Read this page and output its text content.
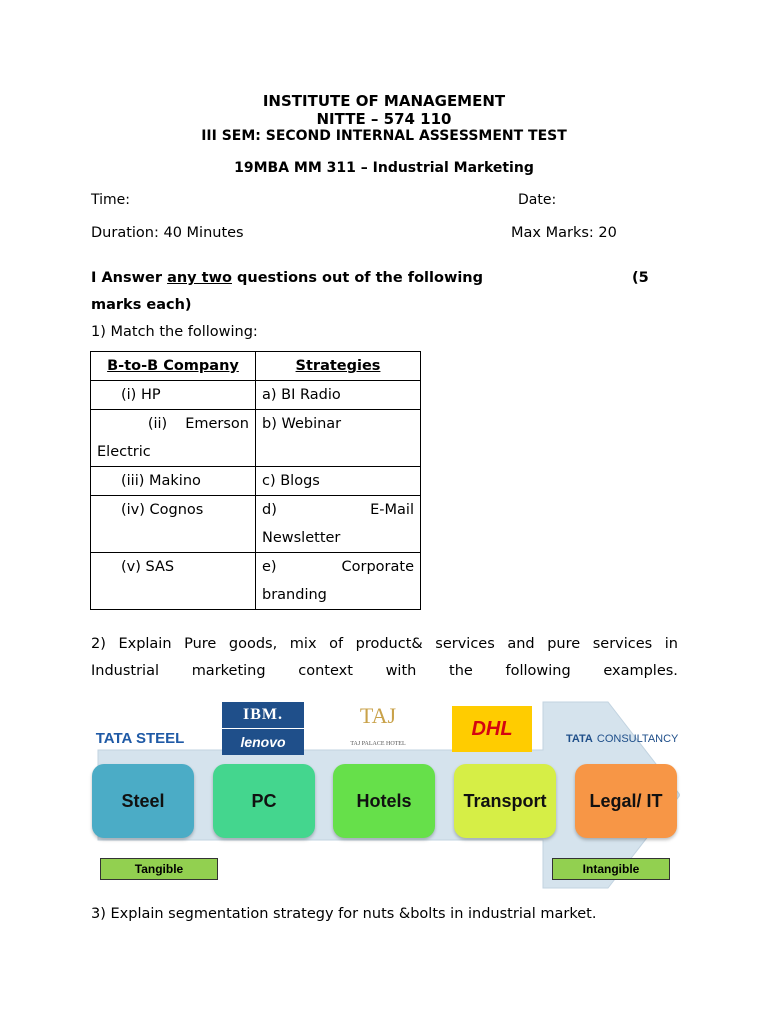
INSTITUTE OF MANAGEMENT
NITTE – 574 110
III SEM: SECOND INTERNAL ASSESSMENT TEST
19MBA MM 311 – Industrial Marketing
Time:	Date:
Duration: 40 Minutes	Max Marks: 20
I Answer any two questions out of the following	(5
marks each)
1) Match the following:
B-to-B Company	Strategies
(i) HP	a) BI Radio

(ii) Emerson
Electric	b) Webinar
(iii) Makino	c) Blogs
(iv) Cognos	d) E-Mail
Newsletter

(v) SAS	e) Corporate
branding
2) Explain Pure goods, mix of product& services and pure services in
Industrial marketing context with the following examples.
TATA STEEL
IBM.
lenovo
TAJ
TAJ PALACE HOTEL
DHL	TATA CONSULTANCY
Steel	PC	Hotels	Transport	Legal/ IT
Tangible	Intangible
3) Explain segmentation strategy for nuts &bolts in industrial market.
